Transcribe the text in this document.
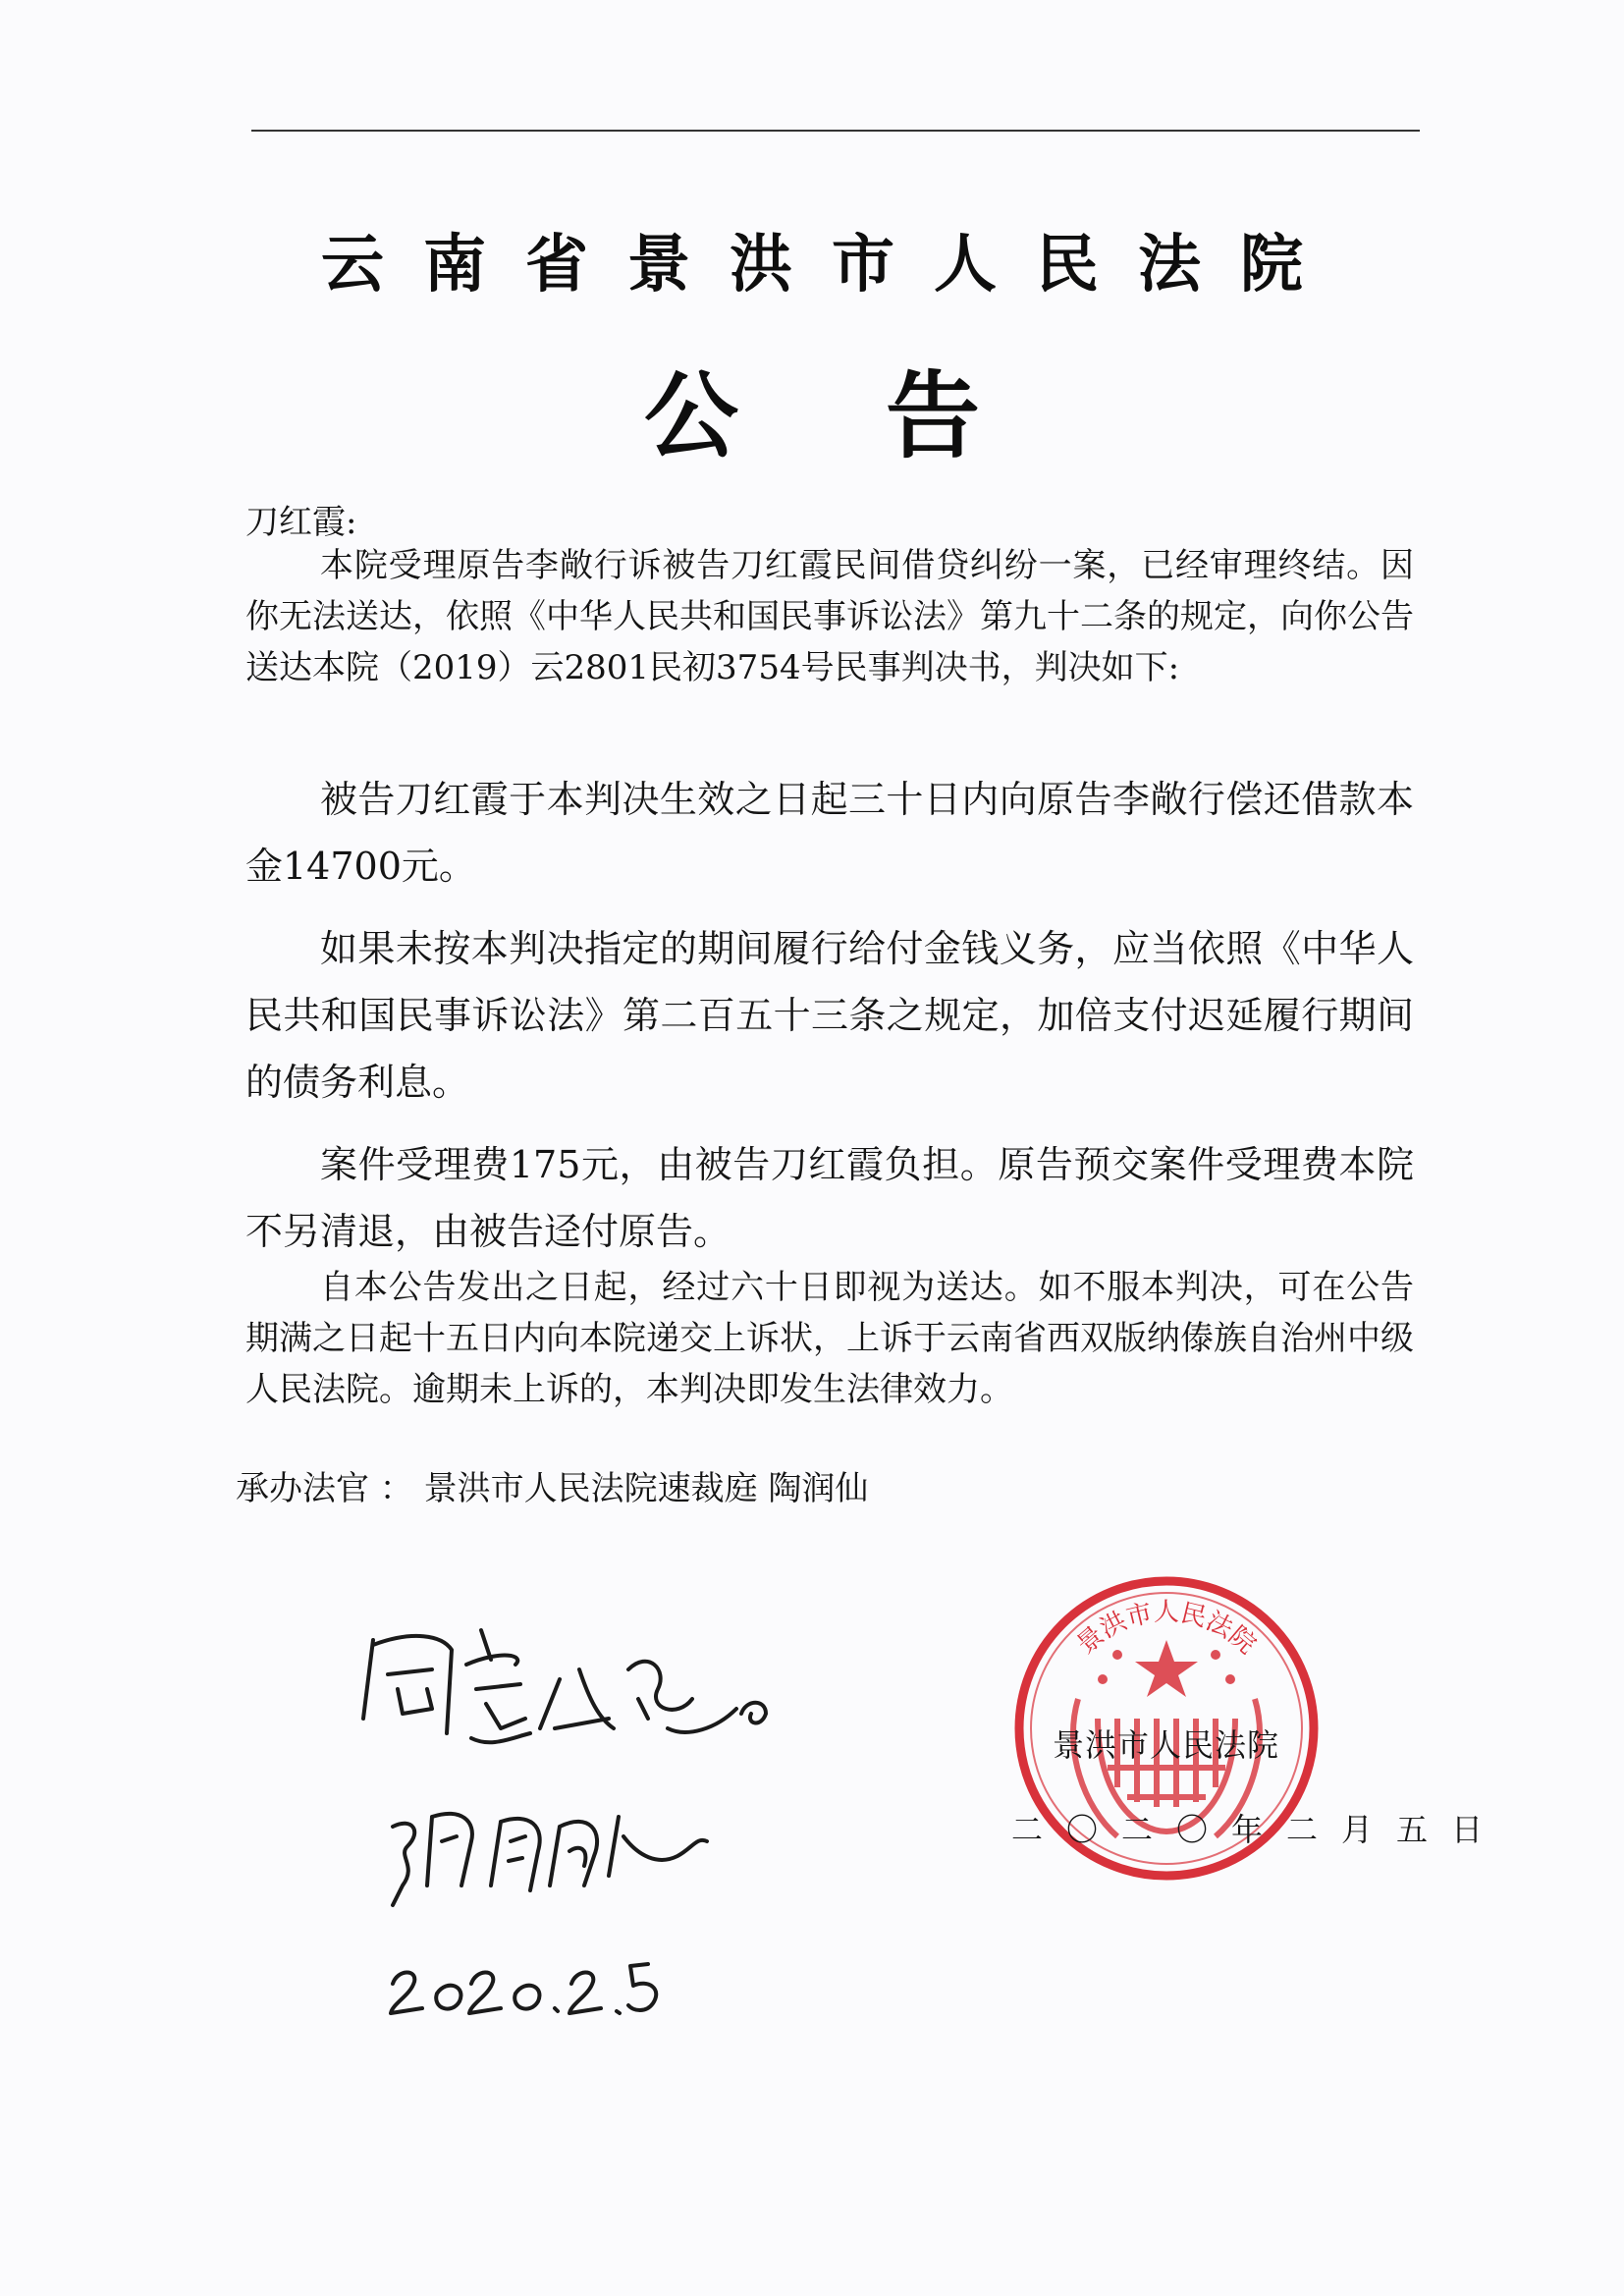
云南省景洪市人民法院
公告
刀红霞:
本院受理原告李敞行诉被告刀红霞民间借贷纠纷一案，已经审理终结。因你无法送达，依照《中华人民共和国民事诉讼法》第九十二条的规定，向你公告送达本院（2019）云2801民初3754号民事判决书，判决如下:
被告刀红霞于本判决生效之日起三十日内向原告李敞行偿还借款本金14700元。
如果未按本判决指定的期间履行给付金钱义务，应当依照《中华人民共和国民事诉讼法》第二百五十三条之规定，加倍支付迟延履行期间的债务利息。
案件受理费175元，由被告刀红霞负担。原告预交案件受理费本院不另清退，由被告迳付原告。
自本公告发出之日起，经过六十日即视为送达。如不服本判决，可在公告期满之日起十五日内向本院递交上诉状，上诉于云南省西双版纳傣族自治州中级人民法院。逾期未上诉的，本判决即发生法律效力。
承办法官 ： 景洪市人民法院速裁庭 陶润仙
景洪市人民法院
景洪市人民法院
二〇二〇年二月五日
